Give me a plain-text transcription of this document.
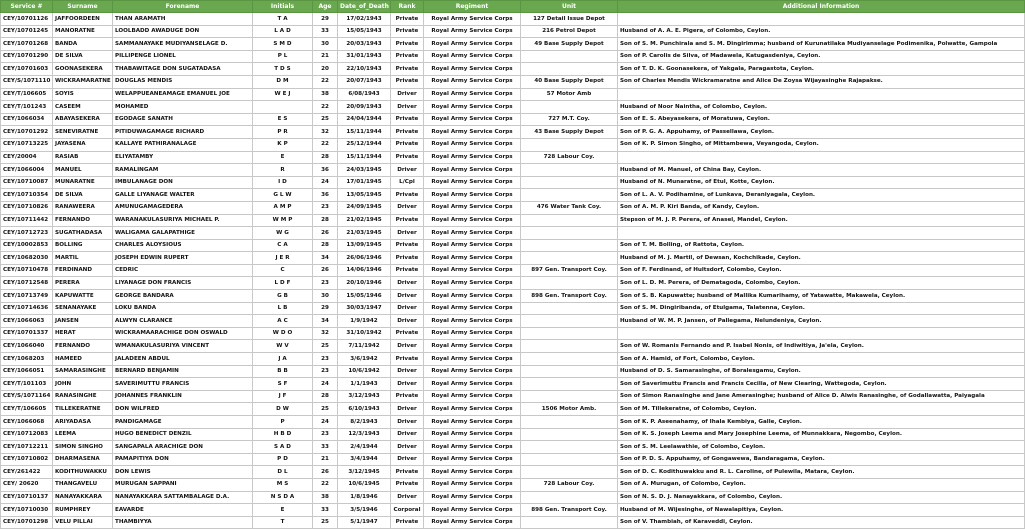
Service #	Surname	Forename	Initials	Age	Date_of_Death	Rank	Regiment	Unit	Additional Information
CEY/10701126	JAFFOORDEEN	THAN ARAMATH	T A	29	17/02/1943	Private	Royal Army Service Corps	127 Detail Issue Depot	
CEY/10701245	MANORATNE	LOOLBADD AWADUGE DON	L A D	33	15/05/1943	Private	Royal Army Service Corps	216 Petrol Depot	Husband of A. A. E. Pigera, of Colombo, Ceylon.
CEY/10701268	BANDA	SAMMANAYAKE MUDIYANSELAGE D.	S M D	30	20/03/1943	Private	Royal Army Service Corps	49 Base Supply Depot	Son of S. M. Punchirala and S. M. Dingirimma; husband of Kurunatilaka Mudiyanselage Podimenika, Polwatte, Gampola
CEY/10701290	DE SILVA	PILLIPENGE LIONEL	P L	21	31/01/1943	Private	Royal Army Service Corps		Son of P. Carolis de Silva, of Madawela, Katugasdeniya, Ceylon.
CEY/10701603	GOONASEKERA	THABAWITAGE DON SUGATADASA	T D S	20	22/10/1943	Private	Royal Army Service Corps		Son of T. D. K. Goonasekera, of Yakgala, Paragastota, Ceylon.
CEY/S/1071110	WICKRAMARATNE	DOUGLAS MENDIS	D M	22	20/07/1943	Private	Royal Army Service Corps	40 Base Supply Depot	Son of Charles Mendis Wickramaratne and Alice De Zoysa Wijayasinghe Rajapakse.
CEY/T/106605	SOYIS	WELAPPUEANEAMAGE EMANUEL JOE	W E J	38	6/08/1943	Driver	Royal Army Service Corps	57 Motor Amb	
CEY/T/101243	CASEEM	MOHAMED		22	20/09/1943	Driver	Royal Army Service Corps		Husband of Noor Naintha, of Colombo, Ceylon.
CEY/1066034	ABAYASEKERA	EGODAGE SANATH	E S	25	24/04/1944	Private	Royal Army Service Corps	727 M.T. Coy.	Son of E. S. Abeyasekera, of Moratuwa, Ceylon.
CEY/10701292	SENEVIRATNE	PITIDUWAGAMAGE RICHARD	P R	32	15/11/1944	Private	Royal Army Service Corps	43 Base Supply Depot	Son of P. G. A. Appuhamy, of Passellawa, Ceylon.
CEY/10713225	JAYASENA	KALLAYE PATHIRANALAGE	K P	22	25/12/1944	Private	Royal Army Service Corps		Son of K. P. Simon Singho, of Mittambewa, Veyangoda, Ceylon.
CEY/20004	RASIAB	ELIYATAMBY	E	28	15/11/1944	Private	Royal Army Service Corps	728 Labour Coy.	
CEY/1066004	MANUEL	RAMALINGAM	R	36	24/03/1945	Driver	Royal Army Service Corps		Husband of M. Manuel, of China Bay, Ceylon.
CEY/10710087	MUNARATNE	IMBULANAGE DON	I D	24	17/01/1945	L/Cpl	Royal Army Service Corps		Husband of N. Munaratne, of Etul, Kotte, Ceylon.
CEY/10710354	DE SILVA	GALLE LIYANAGE WALTER	G L W	36	13/05/1945	Private	Royal Army Service Corps		Son of L. A. V. Podihamine, of Lunkava, Deraniyagala, Ceylon.
CEY/10710826	RANAWEERA	AMUNUGAMAGEDERA	A M P	23	24/09/1945	Driver	Royal Army Service Corps	476 Water Tank Coy.	Son of A. M. P. Kiri Banda, of Kandy, Ceylon.
CEY/10711442	FERNANDO	WARANAKULASURIYA MICHAEL P.	W M P	28	21/02/1945	Private	Royal Army Service Corps		Stepson of M. J. P. Perera, of Anasel, Mandel, Ceylon.
CEY/10712723	SUGATHADASA	WALIGAMA GALAPATHIGE	W G	26	21/03/1945	Driver	Royal Army Service Corps		
CEY/10002853	BOLLING	CHARLES ALOYSIOUS	C A	28	13/09/1945	Private	Royal Army Service Corps		Son of T. M. Bolling, of Rattota, Ceylon.
CEY/10682030	MARTIL	JOSEPH EDWIN RUPERT	J E R	34	26/06/1946	Private	Royal Army Service Corps		Husband of M. J. Martil, of Dewsan, Kochchikade, Ceylon.
CEY/10710478	FERDINAND	CEDRIC	C	26	14/06/1946	Private	Royal Army Service Corps	897 Gen. Transport Coy.	Son of F. Ferdinand, of Hultsdorf, Colombo, Ceylon.
CEY/10712548	PERERA	LIYANAGE DON FRANCIS	L D F	23	20/10/1946	Driver	Royal Army Service Corps		Son of L. D. M. Perera, of Dematagoda, Colombo, Ceylon.
CEY/10713749	KAPUWATTE	GEORGE BANDARA	G B	30	15/05/1946	Driver	Royal Army Service Corps	898 Gen. Transport Coy.	Son of S. B. Kapuwatte; husband of Mallika Kumarihamy, of Yatawatte, Makawela, Ceylon.
CEY/10714636	SENANAYAKE	LOKU BANDA	L B	29	30/03/1947	Driver	Royal Army Service Corps		Son of S. M. Dingiribanda, of Etulgama, Talatenna, Ceylon.
CEY/1066063	JANSEN	ALWYN CLARANCE	A C	34	1/9/1942	Driver	Royal Army Service Corps		Husband of W. M. P. Jansen, of Pallegama, Nelundeniya, Ceylon.
CEY/10701337	HERAT	WICKRAMAARACHIGE DON OSWALD	W D O	32	31/10/1942	Private	Royal Army Service Corps		
CEY/1066040	FERNANDO	WMANAKULASURIYA VINCENT	W V	25	7/11/1942	Driver	Royal Army Service Corps		Son of W. Romanis Fernando and P. Isabel Nonis, of Indiwitiya, Ja'ela, Ceylon.
CEY/1068203	HAMEED	JALADEEN ABDUL	J A	23	3/6/1942	Private	Royal Army Service Corps		Son of A. Hamid, of Fort, Colombo, Ceylon.
CEY/1066051	SAMARASINGHE	BERNARD BENJAMIN	B B	23	10/6/1942	Driver	Royal Army Service Corps		Husband of D. S. Samarasinghe, of Boralesgamu, Ceylon.
CEY/T/101103	JOHN	SAVERIMUTTU FRANCIS	S F	24	1/1/1943	Driver	Royal Army Service Corps		Son of Saverimuttu Francis and Francis Cecilia, of New Clearing, Wattegoda, Ceylon.
CEY/S/1071164	RANASINGHE	JOHANNES FRANKLIN	J F	28	3/12/1943	Private	Royal Army Service Corps		Son of Simon Ranasinghe and Jane Amerasinghe; husband of Alice D. Alwis Ranasinghe, of Godallawatta, Paiyagala
CEY/T/106605	TILLEKERATNE	DON WILFRED	D W	25	6/10/1943	Driver	Royal Army Service Corps	1506 Motor Amb.	Son of M. Tillekeratne, of Colombo, Ceylon.
CEY/1066068	ARIYADASA	PANDIGAMAGE	P	24	8/2/1943	Driver	Royal Army Service Corps		Son of K. P. Aseenahamy, of Ihala Kembiya, Galle, Ceylon.
CEY/10712083	LEEMA	HUGO BENEDICT DENZIL	H B D	23	12/3/1943	Driver	Royal Army Service Corps		Son of K. S. Joseph Leema and Mary Josephine Leema, of Munnakkara, Negombo, Ceylon.
CEY/10712211	SIMON SINGHO	SANGAPALA ARACHIGE DON	S A D	33	2/4/1944	Driver	Royal Army Service Corps		Son of S. M. Leelawathie, of Colombo, Ceylon.
CEY/10710802	DHARMASENA	PAMAPITIYA DON	P D	21	3/4/1944	Driver	Royal Army Service Corps		Son of P. D. S. Appuhamy, of Gongawewa, Bandaragama, Ceylon.
CEY/261422	KODITHUWAKKU	DON LEWIS	D L	26	3/12/1945	Private	Royal Army Service Corps		Son of D. C. Kodithuwakku and R. L. Caroline, of Pulewila, Matara, Ceylon.
CEY/ 20620	THANGAVELU	MURUGAN SAPPANI	M S	22	10/6/1945	Private	Royal Army Service Corps	728 Labour Coy.	Son of A. Murugan, of Colombo, Ceylon.
CEY/10710137	NANAYAKKARA	NANAYAKKARA SATTAMBALAGE D.A.	N S D A	38	1/8/1946	Driver	Royal Army Service Corps		Son of N. S. D. J. Nanayakkara, of Colombo, Ceylon.
CEY/10710030	RUMPHREY	EAVARDE	E	33	3/5/1946	Corporal	Royal Army Service Corps	898 Gen. Transport Coy.	Husband of M. Wijesinghe, of Nawalapitiya, Ceylon.
CEY/10701298	VELU PILLAI	THAMBIYYA	T	25	5/1/1947	Private	Royal Army Service Corps		Son of V. Thambiah, of Karaveddi, Ceylon.
